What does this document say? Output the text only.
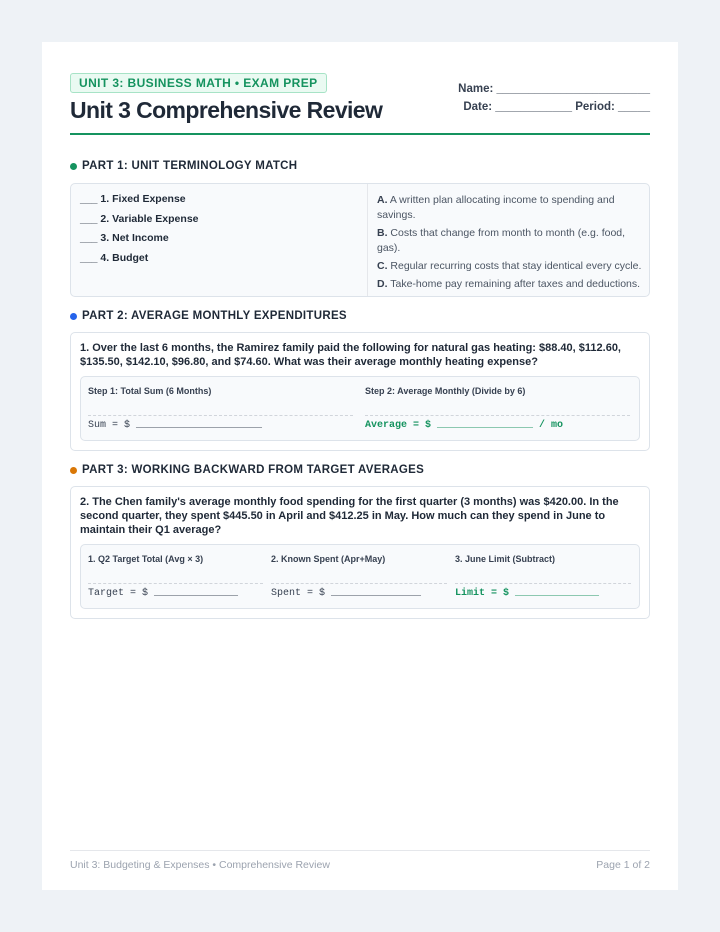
UNIT 3: BUSINESS MATH • EXAM PREP
Unit 3 Comprehensive Review
Name: ________________________
Date: ____________ Period: _____
PART 1: UNIT TERMINOLOGY MATCH
___ 1. Fixed Expense
___ 2. Variable Expense
___ 3. Net Income
___ 4. Budget
A. A written plan allocating income to spending and savings.
B. Costs that change from month to month (e.g. food, gas).
C. Regular recurring costs that stay identical every cycle.
D. Take-home pay remaining after taxes and deductions.
PART 2: AVERAGE MONTHLY EXPENDITURES
1. Over the last 6 months, the Ramirez family paid the following for natural gas heating: $88.40, $112.60, $135.50, $142.10, $96.80, and $74.60. What was their average monthly heating expense?
Step 1: Total Sum (6 Months)
Sum = $ _____________________
Step 2: Average Monthly (Divide by 6)
Average = $ ________________ / mo
PART 3: WORKING BACKWARD FROM TARGET AVERAGES
2. The Chen family's average monthly food spending for the first quarter (3 months) was $420.00. In the second quarter, they spent $445.50 in April and $412.25 in May. How much can they spend in June to maintain their Q1 average?
1. Q2 Target Total (Avg × 3)
Target = $ ______________
2. Known Spent (Apr+May)
Spent = $ _______________
3. June Limit (Subtract)
Limit = $ ______________
Unit 3: Budgeting & Expenses • Comprehensive Review	Page 1 of 2
